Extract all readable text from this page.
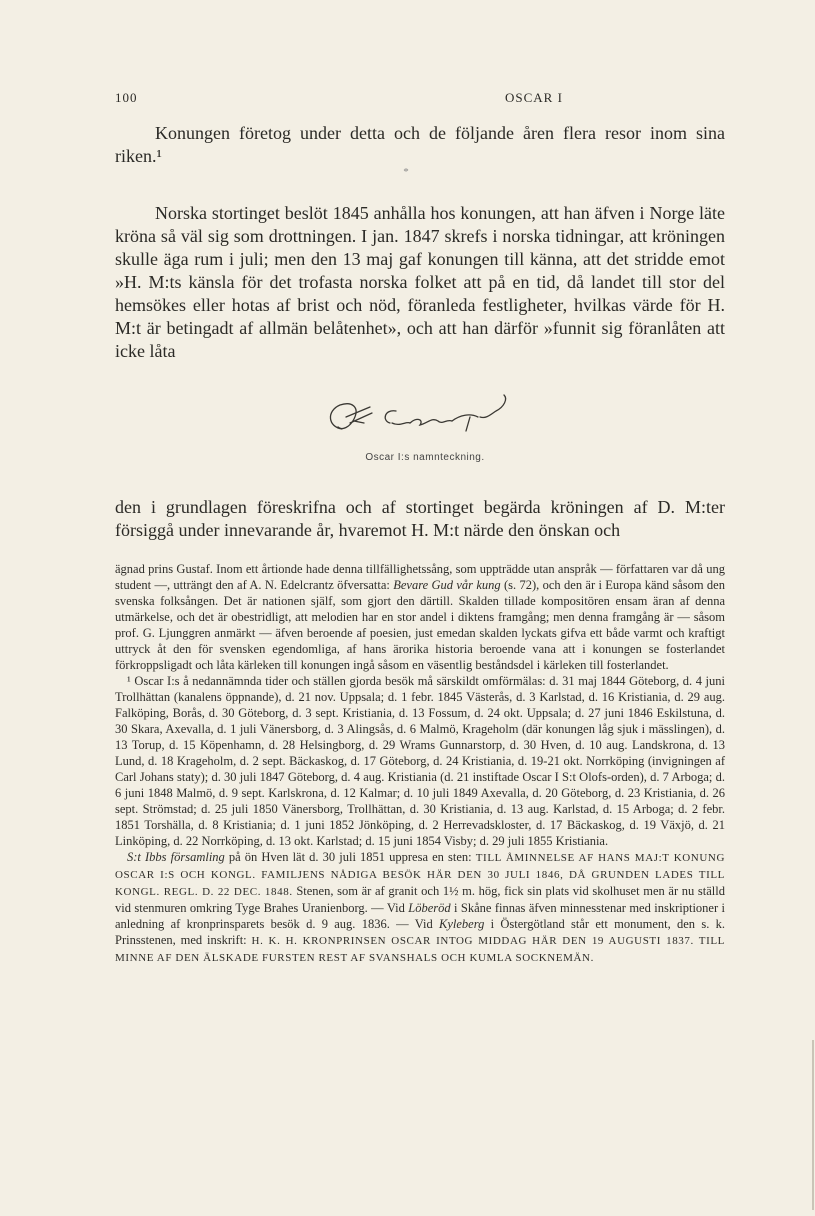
100	OSCAR I

Konungen företog under detta och de följande åren flera resor inom sina riken.¹

*

Norska stortinget beslöt 1845 anhålla hos konungen, att han äfven i Norge läte kröna så väl sig som drottningen. I jan. 1847 skrefs i norska tidningar, att kröningen skulle äga rum i juli; men den 13 maj gaf konungen till känna, att det stridde emot »H. M:ts känsla för det trofasta norska folket att på en tid, då landet till stor del hemsökes eller hotas af brist och nöd, föranleda festligheter, hvilkas värde för H. M:t är betingadt af allmän belåtenhet», och att han därför »funnit sig föranlåten att icke låta

Oscar I:s namnteckning.

den i grundlagen föreskrifna och af stortinget begärda kröningen af D. M:ter försiggå under innevarande år, hvaremot H. M:t närde den önskan och

ägnad prins Gustaf. Inom ett årtionde hade denna tillfällighetssång, som uppträdde utan anspråk — författaren var då ung student —, utträngt den af A. N. Edelcrantz öfversatta: Bevare Gud vår kung (s. 72), och den är i Europa känd såsom den svenska folksången. Det är nationen själf, som gjort den därtill. Skalden tillade kompositören ensam äran af denna utmärkelse, och det är obestridligt, att melodien har en stor andel i diktens framgång; men denna framgång är — såsom prof. G. Ljunggren anmärkt — äfven beroende af poesien, just emedan skalden lyckats gifva ett både varmt och kraftigt uttryck åt den för svensken egendomliga, af hans ärorika historia beroende vana att i konungen se fosterlandet förkroppsligadt och låta kärleken till konungen ingå såsom en väsentlig beståndsdel i kärleken till fosterlandet.

¹ Oscar I:s å nedannämnda tider och ställen gjorda besök må särskildt omförmälas: d. 31 maj 1844 Göteborg, d. 4 juni Trollhättan (kanalens öppnande), d. 21 nov. Uppsala; d. 1 febr. 1845 Västerås, d. 3 Karlstad, d. 16 Kristiania, d. 29 aug. Falköping, Borås, d. 30 Göteborg, d. 3 sept. Kristiania, d. 13 Fossum, d. 24 okt. Uppsala; d. 27 juni 1846 Eskilstuna, d. 30 Skara, Axevalla, d. 1 juli Vänersborg, d. 3 Alingsås, d. 6 Malmö, Krageholm (där konungen låg sjuk i mässlingen), d. 13 Torup, d. 15 Köpenhamn, d. 28 Helsingborg, d. 29 Wrams Gunnarstorp, d. 30 Hven, d. 10 aug. Landskrona, d. 13 Lund, d. 18 Krageholm, d. 2 sept. Bäckaskog, d. 17 Göteborg, d. 24 Kristiania, d. 19-21 okt. Norrköping (invigningen af Carl Johans staty); d. 30 juli 1847 Göteborg, d. 4 aug. Kristiania (d. 21 instiftade Oscar I S:t Olofs-orden), d. 7 Arboga; d. 6 juni 1848 Malmö, d. 9 sept. Karlskrona, d. 12 Kalmar; d. 10 juli 1849 Axevalla, d. 20 Göteborg, d. 23 Kristiania, d. 26 sept. Strömstad; d. 25 juli 1850 Vänersborg, Trollhättan, d. 30 Kristiania, d. 13 aug. Karlstad, d. 15 Arboga; d. 2 febr. 1851 Torshälla, d. 8 Kristiania; d. 1 juni 1852 Jönköping, d. 2 Herrevadskloster, d. 17 Bäckaskog, d. 19 Växjö, d. 21 Linköping, d. 22 Norrköping, d. 13 okt. Karlstad; d. 15 juni 1854 Visby; d. 29 juli 1855 Kristiania.

S:t Ibbs församling på ön Hven lät d. 30 juli 1851 uppresa en sten: TILL ÅMINNELSE AF HANS MAJ:T KONUNG OSCAR I:S OCH KONGL. FAMILJENS NÅDIGA BESÖK HÄR DEN 30 JULI 1846, DÅ GRUNDEN LADES TILL KONGL. REGL. D. 22 DEC. 1848. Stenen, som är af granit och 1½ m. hög, fick sin plats vid skolhuset men är nu ställd vid stenmuren omkring Tyge Brahes Uranienborg. — Vid Löberöd i Skåne finnas äfven minnesstenar med inskriptioner i anledning af kronprinsparets besök d. 9 aug. 1836. — Vid Kyleberg i Östergötland står ett monument, den s. k. Prinsstenen, med inskrift: H. K. H. KRONPRINSEN OSCAR INTOG MIDDAG HÄR DEN 19 AUGUSTI 1837. TILL MINNE AF DEN ÄLSKADE FURSTEN REST AF SVANSHALS OCH KUMLA SOCKNEMÄN.
